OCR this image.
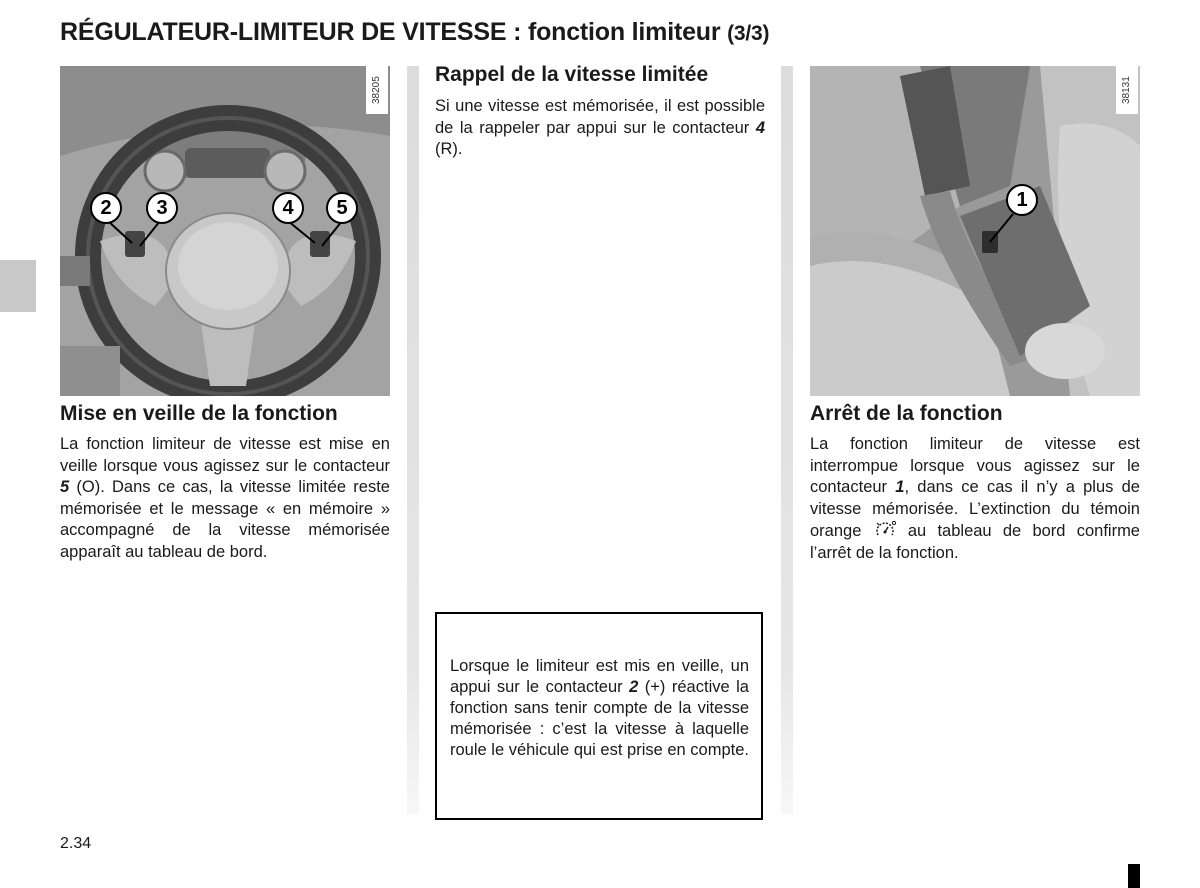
RÉGULATEUR-LIMITEUR DE VITESSE : fonction limiteur (3/3)
38205
2	3	4	5
38131
1
Mise en veille de la fonction

La fonction limiteur de vitesse est mise en veille lorsque vous agissez sur le contacteur 5 (O). Dans ce cas, la vitesse limitée reste mémorisée et le message « en mémoire » accompagné de la vitesse mémorisée apparaît au tableau de bord.

Rappel de la vitesse limitée

Si une vitesse est mémorisée, il est possible de la rappeler par appui sur le contacteur 4 (R).

Lorsque le limiteur est mis en veille, un appui sur le contacteur 2 (+) réactive la fonction sans tenir compte de la vitesse mémorisée : c’est la vitesse à laquelle roule le véhicule qui est prise en compte.

Arrêt de la fonction

La fonction limiteur de vitesse est interrompue lorsque vous agissez sur le contacteur 1, dans ce cas il n’y a plus de vitesse mémorisée. L’extinction du témoin orange  au tableau de bord confirme l’arrêt de la fonction.

2.34
